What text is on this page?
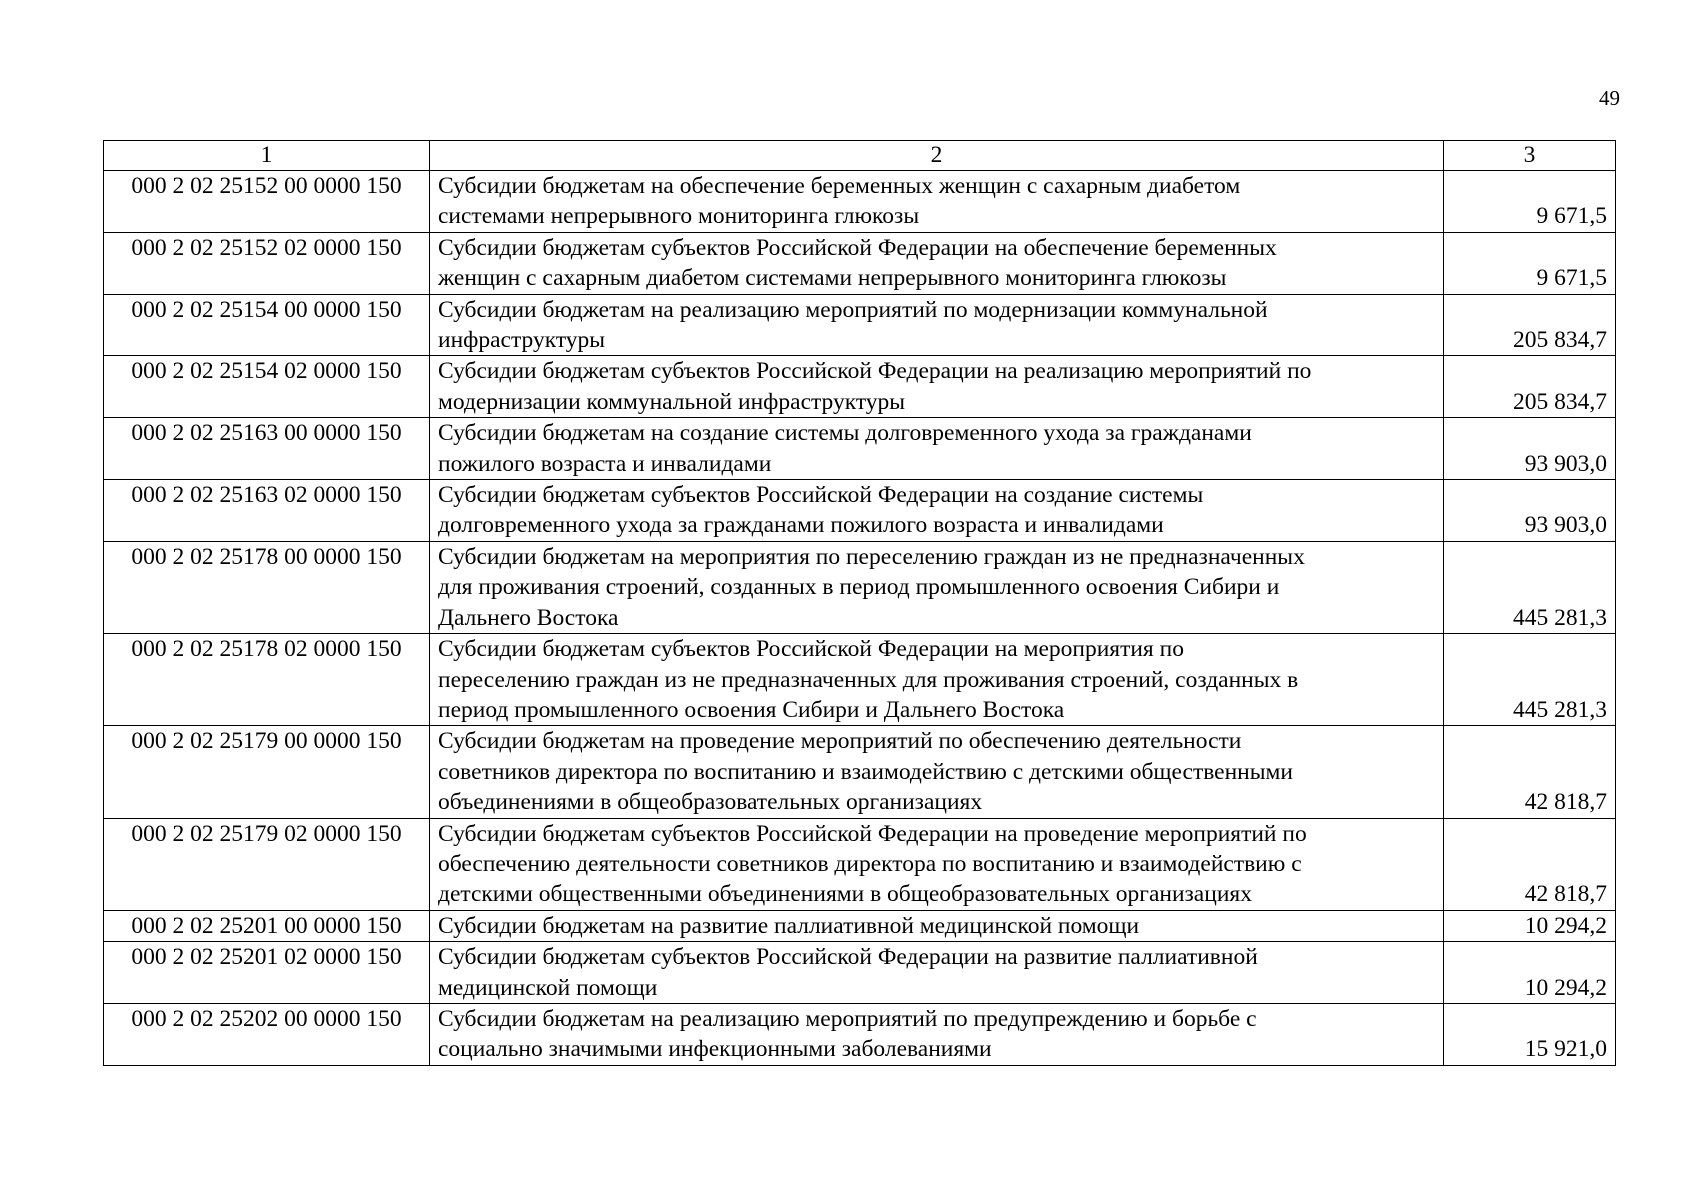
49
1	2	3
000 2 02 25152 00 0000 150	Субсидии бюджетам на обеспечение беременных женщин с сахарным диабетом
системами непрерывного мониторинга глюкозы	9 671,5
000 2 02 25152 02 0000 150	Субсидии бюджетам субъектов Российской Федерации на обеспечение беременных
женщин с сахарным диабетом системами непрерывного мониторинга глюкозы	9 671,5
000 2 02 25154 00 0000 150	Субсидии бюджетам на реализацию мероприятий по модернизации коммунальной
инфраструктуры	205 834,7
000 2 02 25154 02 0000 150	Субсидии бюджетам субъектов Российской Федерации на реализацию мероприятий по
модернизации коммунальной инфраструктуры	205 834,7
000 2 02 25163 00 0000 150	Субсидии бюджетам на создание системы долговременного ухода за гражданами
пожилого возраста и инвалидами	93 903,0
000 2 02 25163 02 0000 150	Субсидии бюджетам субъектов Российской Федерации на создание системы
долговременного ухода за гражданами пожилого возраста и инвалидами	93 903,0
000 2 02 25178 00 0000 150	Субсидии бюджетам на мероприятия по переселению граждан из не предназначенных
для проживания строений, созданных в период промышленного освоения Сибири и
Дальнего Востока	445 281,3
000 2 02 25178 02 0000 150	Субсидии бюджетам субъектов Российской Федерации на мероприятия по
переселению граждан из не предназначенных для проживания строений, созданных в
период промышленного освоения Сибири и Дальнего Востока	445 281,3
000 2 02 25179 00 0000 150	Субсидии бюджетам на проведение мероприятий по обеспечению деятельности
советников директора по воспитанию и взаимодействию с детскими общественными
объединениями в общеобразовательных организациях	42 818,7
000 2 02 25179 02 0000 150	Субсидии бюджетам субъектов Российской Федерации на проведение мероприятий по
обеспечению деятельности советников директора по воспитанию и взаимодействию с
детскими общественными объединениями в общеобразовательных организациях	42 818,7
000 2 02 25201 00 0000 150	Субсидии бюджетам на развитие паллиативной медицинской помощи	10 294,2
000 2 02 25201 02 0000 150	Субсидии бюджетам субъектов Российской Федерации на развитие паллиативной
медицинской помощи	10 294,2
000 2 02 25202 00 0000 150	Субсидии бюджетам на реализацию мероприятий по предупреждению и борьбе с
социально значимыми инфекционными заболеваниями	15 921,0
